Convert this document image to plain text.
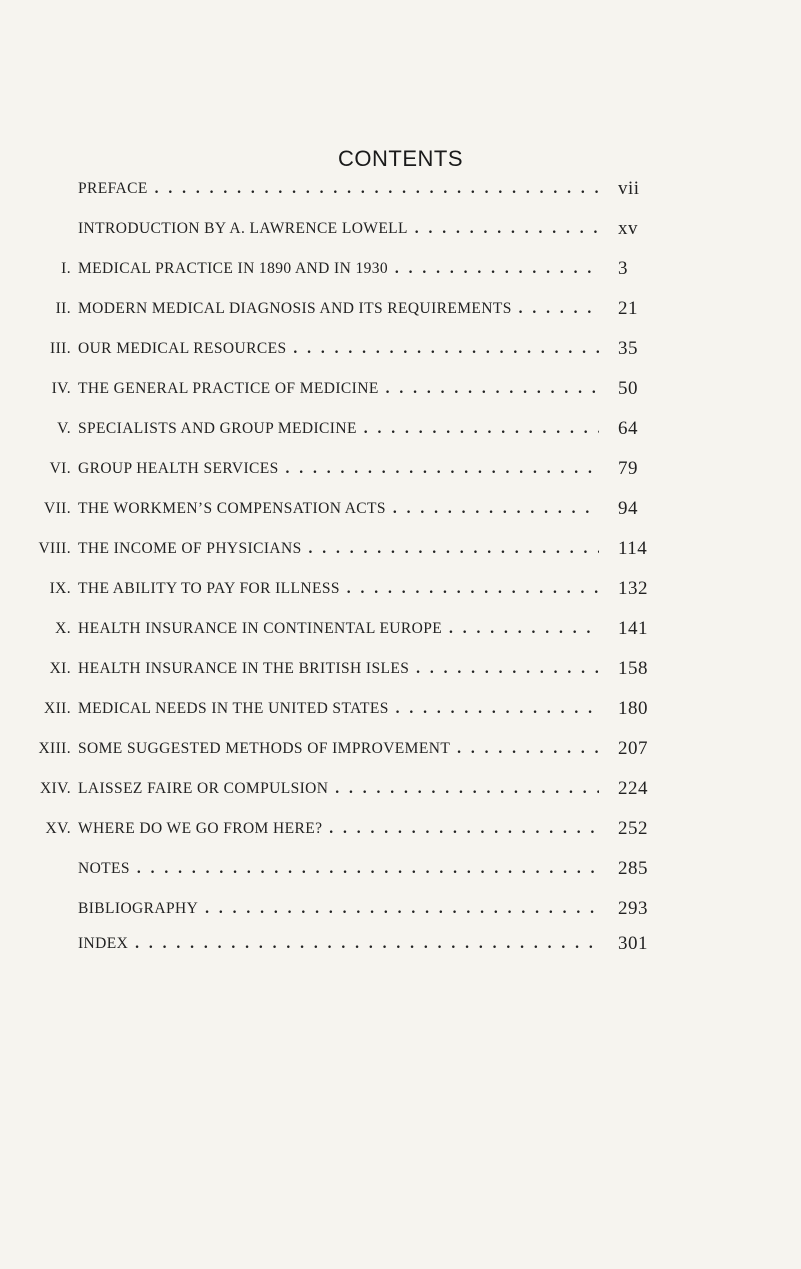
CONTENTS
PREFACE . .	vii
INTRODUCTION BY A. LAWRENCE LOWELL . .	xv
I. MEDICAL PRACTICE IN 1890 AND IN 1930 . .	3
II. MODERN MEDICAL DIAGNOSIS AND ITS REQUIREMENTS . .	21
III. OUR MEDICAL RESOURCES . .	35
IV. THE GENERAL PRACTICE OF MEDICINE . .	50
V. SPECIALISTS AND GROUP MEDICINE . .	64
VI. GROUP HEALTH SERVICES . .	79
VII. THE WORKMEN’S COMPENSATION ACTS . .	94
VIII. THE INCOME OF PHYSICIANS . .	114
IX. THE ABILITY TO PAY FOR ILLNESS . .	132
X. HEALTH INSURANCE IN CONTINENTAL EUROPE . .	141
XI. HEALTH INSURANCE IN THE BRITISH ISLES . .	158
XII. MEDICAL NEEDS IN THE UNITED STATES . .	180
XIII. SOME SUGGESTED METHODS OF IMPROVEMENT . .	207
XIV. LAISSEZ FAIRE OR COMPULSION . .	224
XV. WHERE DO WE GO FROM HERE? . .	252
NOTES . .	285
BIBLIOGRAPHY . .	293
INDEX . .	301
